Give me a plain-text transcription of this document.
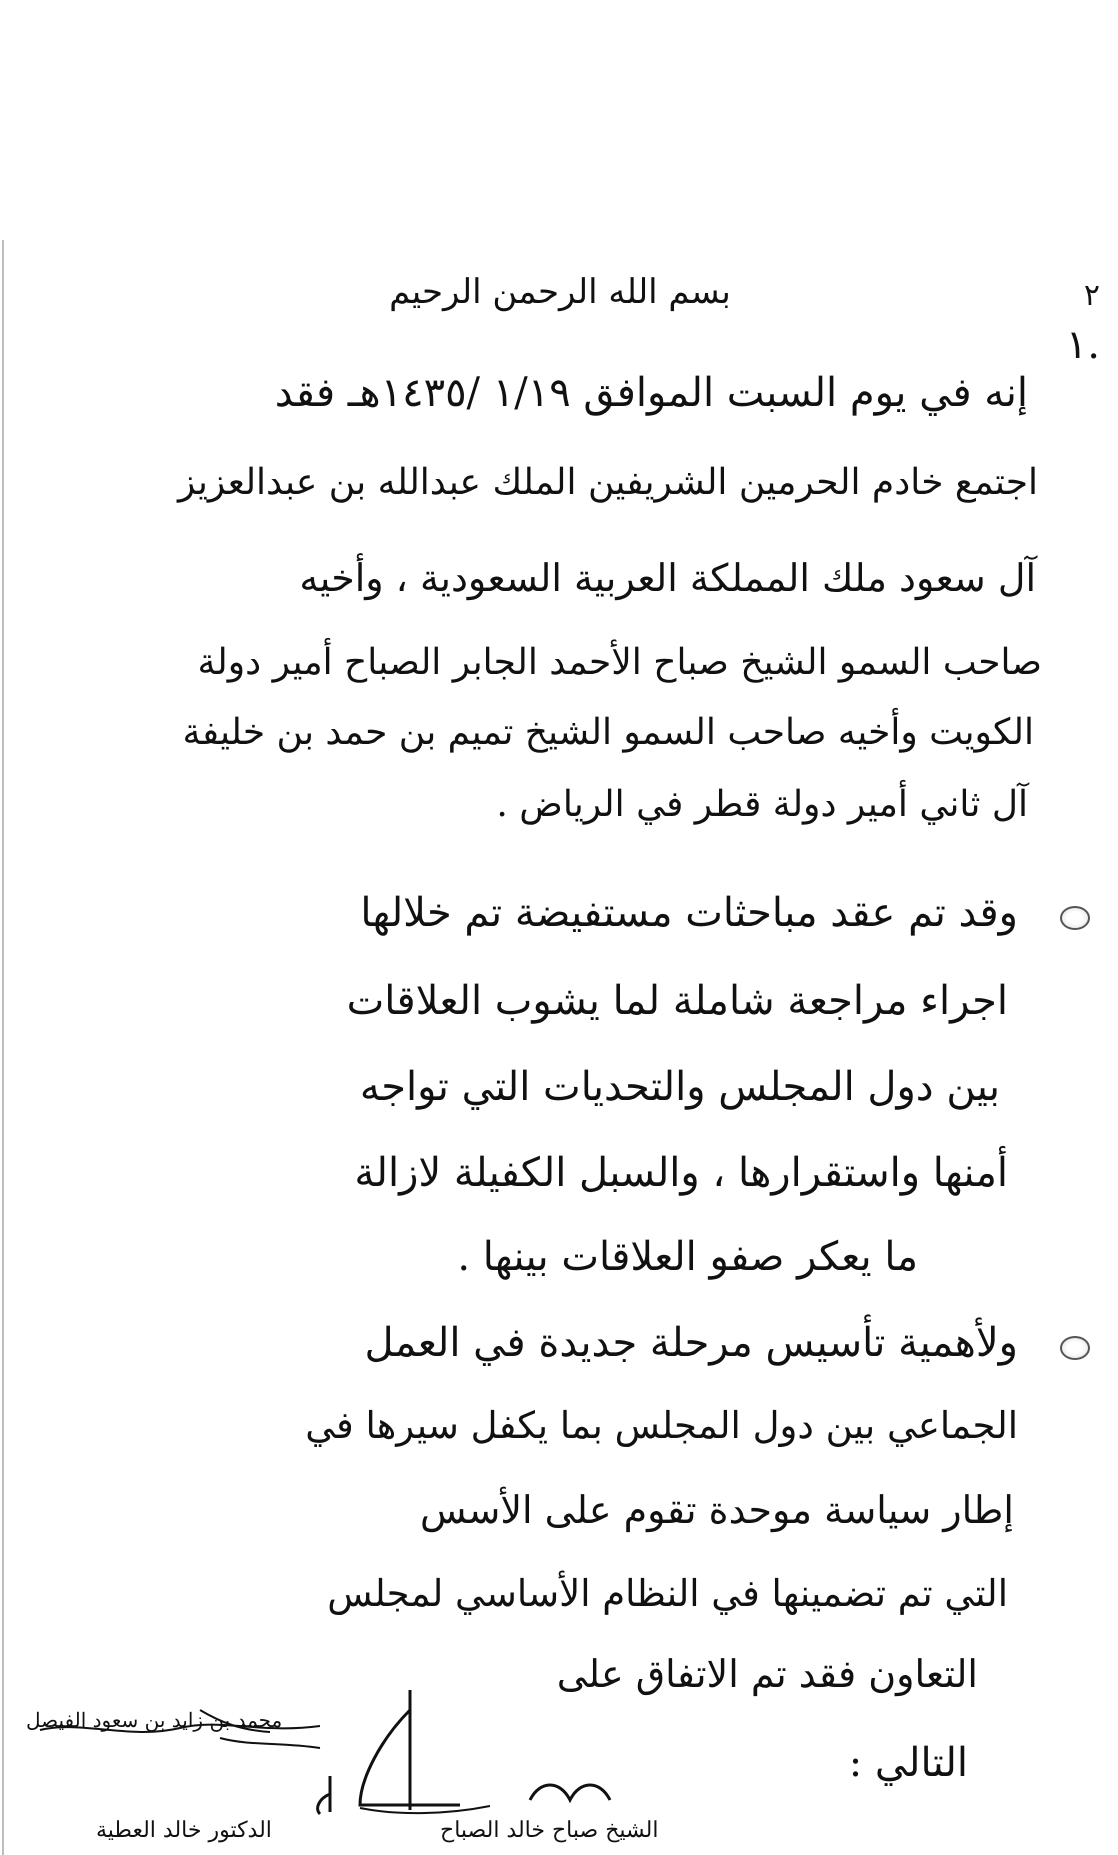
بسم الله الرحمن الرحيم	٢
١.
إنه في يوم السبت الموافق ١/١٩ /١٤٣٥هـ فقد
اجتمع خادم الحرمين الشريفين الملك عبدالله بن عبدالعزيز
آل سعود ملك المملكة العربية السعودية ، وأخيه
صاحب السمو الشيخ صباح الأحمد الجابر الصباح أمير دولة
الكويت وأخيه صاحب السمو الشيخ تميم بن حمد بن خليفة
آل ثاني أمير دولة قطر في الرياض .
وقد تم عقد مباحثات مستفيضة تم خلالها
اجراء مراجعة شاملة لما يشوب العلاقات
بين دول المجلس والتحديات التي تواجه
أمنها واستقرارها ، والسبل الكفيلة لازالة
ما يعكر صفو العلاقات بينها .
ولأهمية تأسيس مرحلة جديدة في العمل
الجماعي بين دول المجلس بما يكفل سيرها في
إطار سياسة موحدة تقوم على الأسس
التي تم تضمينها في النظام الأساسي لمجلس
التعاون فقد تم الاتفاق على
التالي :
محمد بن زايد بن سعود الفيصل
الشيخ صباح خالد الصباح
الدكتور خالد العطية
